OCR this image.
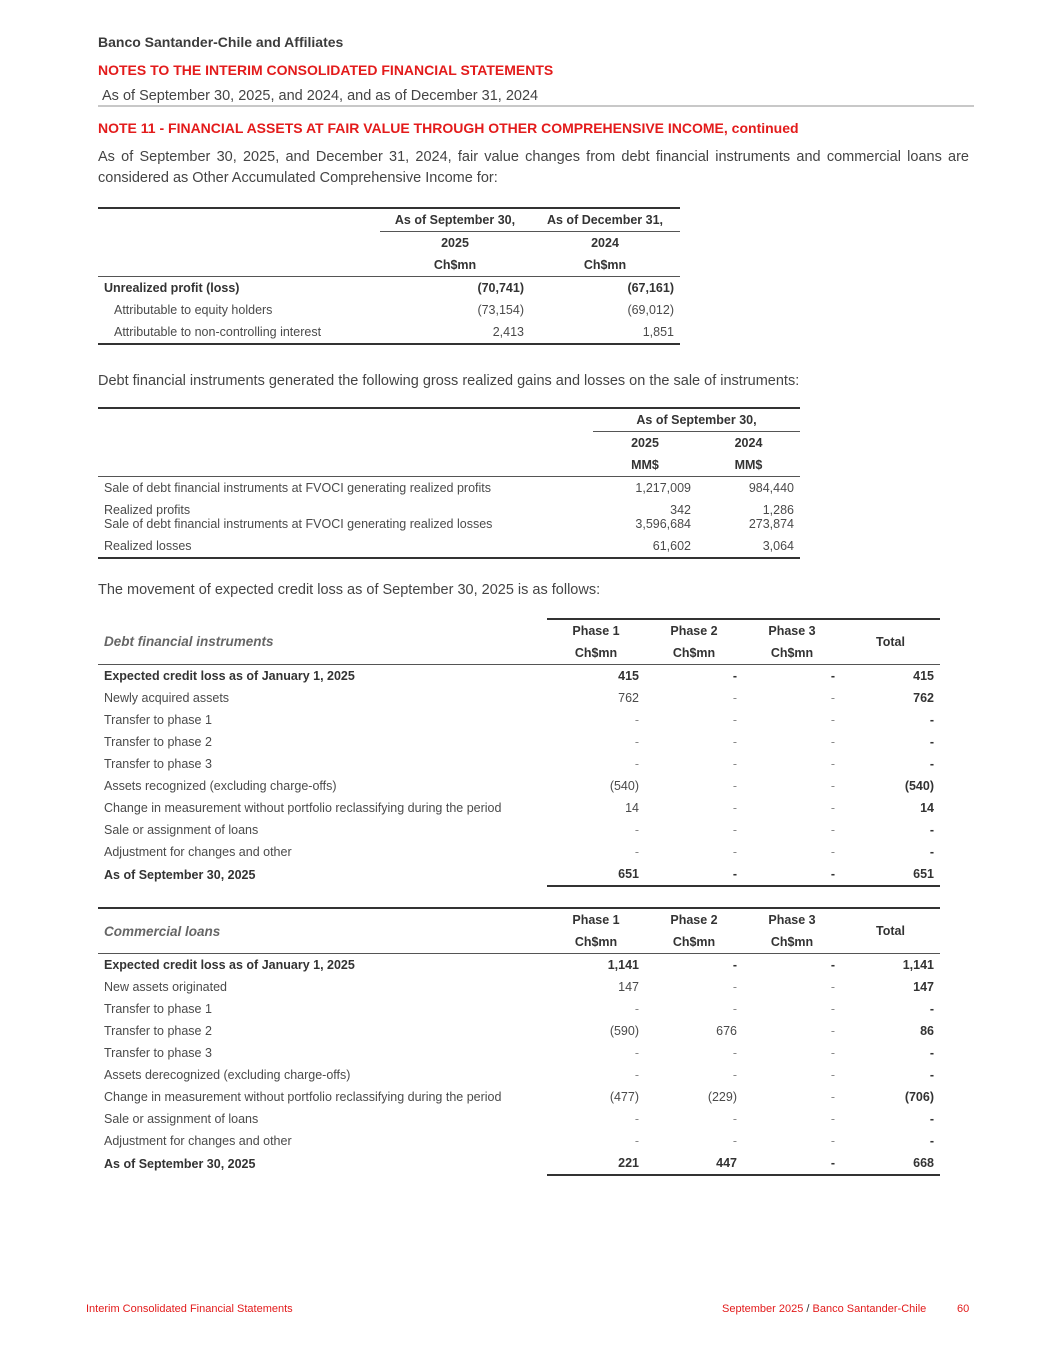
Banco Santander-Chile and Affiliates
NOTES TO THE INTERIM CONSOLIDATED FINANCIAL STATEMENTS
As of September 30, 2025, and 2024, and as of December 31, 2024
NOTE 11 - FINANCIAL ASSETS AT FAIR VALUE THROUGH OTHER COMPREHENSIVE INCOME, continued
As of September 30, 2025, and December 31, 2024, fair value changes from debt financial instruments and commercial loans are considered as Other Accumulated Comprehensive Income for:
	As of September 30,	As of December 31,
	2025	2024
	Ch$mn	Ch$mn
Unrealized profit (loss)	(70,741)	(67,161)
Attributable to equity holders	(73,154)	(69,012)
Attributable to non-controlling interest	2,413	1,851
Debt financial instruments generated the following gross realized gains and losses on the sale of instruments:
	As of September 30,	
	2025	2024
	MM$	MM$
Sale of debt financial instruments at FVOCI generating realized profits	1,217,009	984,440
Realized profits	342	1,286
Sale of debt financial instruments at FVOCI generating realized losses	3,596,684	273,874
Realized losses	61,602	3,064
The movement of expected credit loss as of September 30, 2025 is as follows:
Debt financial instruments	Phase 1	Phase 2	Phase 3	Total
	Ch$mn	Ch$mn	Ch$mn	
Expected credit loss as of January 1, 2025	415	-	-	415
Newly acquired assets	762	-	-	762
Transfer to phase 1	-	-	-	-
Transfer to phase 2	-	-	-	-
Transfer to phase 3	-	-	-	-
Assets recognized (excluding charge-offs)	(540)	-	-	(540)
Change in measurement without portfolio reclassifying during the period	14	-	-	14
Sale or assignment of loans	-	-	-	-
Adjustment for changes and other	-	-	-	-
As of September 30, 2025	651	-	-	651
Commercial loans	Phase 1	Phase 2	Phase 3	Total
	Ch$mn	Ch$mn	Ch$mn	
Expected credit loss as of January 1, 2025	1,141	-	-	1,141
New assets originated	147	-	-	147
Transfer to phase 1	-	-	-	-
Transfer to phase 2	(590)	676	-	86
Transfer to phase 3	-	-	-	-
Assets derecognized (excluding charge-offs)	-	-	-	-
Change in measurement without portfolio reclassifying during the period	(477)	(229)	-	(706)
Sale or assignment of loans	-	-	-	-
Adjustment for changes and other	-	-	-	-
As of September 30, 2025	221	447	-	668
Interim Consolidated Financial Statements	September 2025 / Banco Santander-Chile	60
